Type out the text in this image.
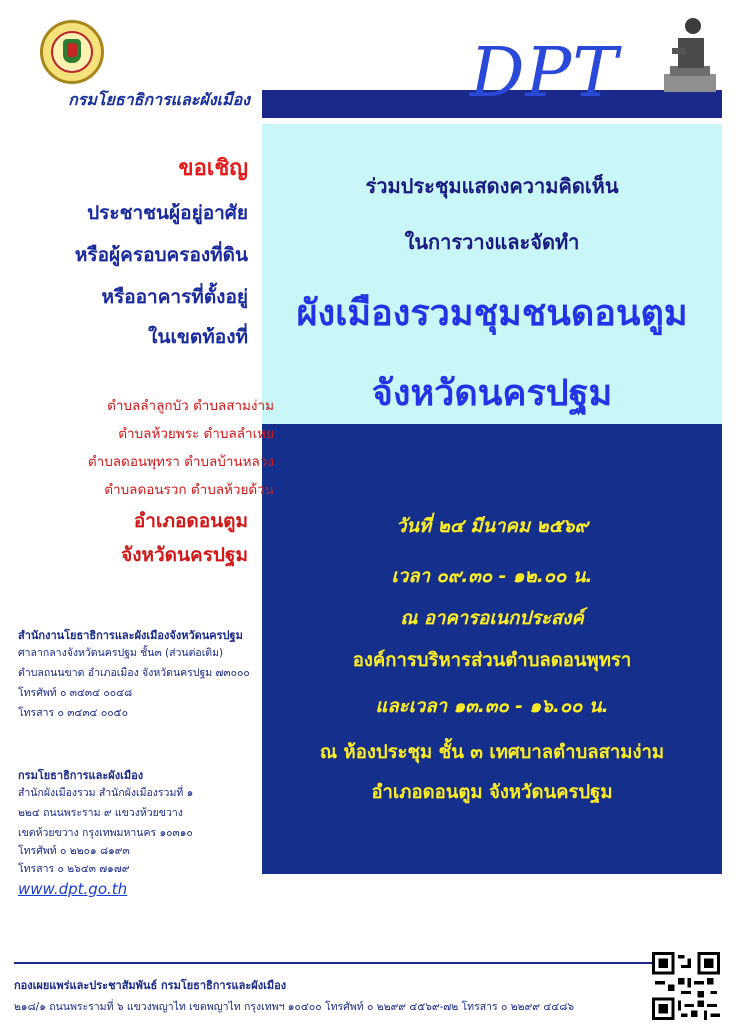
กรมโยธาธิการและผังเมือง	DPT
ขอเชิญ
ประชาชนผู้อยู่อาศัย
หรือผู้ครอบครองที่ดิน
หรืออาคารที่ตั้งอยู่
ในเขตท้องที่
ตำบลลำลูกบัว ตำบลสามง่าม
ตำบลห้วยพระ ตำบลลำเหย
ตำบลดอนพุทรา ตำบลบ้านหลวง
ตำบลดอนรวก ตำบลห้วยด้วน
อำเภอดอนตูม
จังหวัดนครปฐม
สำนักงานโยธาธิการและผังเมืองจังหวัดนครปฐม
ศาลากลางจังหวัดนครปฐม ชั้น๓ (ส่วนต่อเติม)
ตำบลถนนขาด อำเภอเมือง จังหวัดนครปฐม ๗๓๐๐๐
โทรศัพท์ ๐ ๓๔๓๔ ๐๐๔๘
โทรสาร ๐ ๓๔๓๔ ๐๐๕๐
กรมโยธาธิการและผังเมือง
สำนักผังเมืองรวม สำนักผังเมืองรวมที่ ๑
๒๒๔ ถนนพระราม ๙ แขวงห้วยขวาง
เขตห้วยขวาง กรุงเทพมหานคร ๑๐๓๑๐
โทรศัพท์ ๐ ๒๒๐๑ ๘๑๙๓
โทรสาร ๐ ๒๖๔๓ ๗๑๗๙
www.dpt.go.th
ร่วมประชุมแสดงความคิดเห็น
ในการวางและจัดทำ
ผังเมืองรวมชุมชนดอนตูม
จังหวัดนครปฐม
วันที่ ๒๔ มีนาคม ๒๕๖๙
เวลา ๐๙.๓๐ - ๑๒.๐๐ น.
ณ อาคารอเนกประสงค์
องค์การบริหารส่วนตำบลดอนพุทรา
และเวลา ๑๓.๓๐ - ๑๖.๐๐ น.
ณ ห้องประชุม ชั้น ๓ เทศบาลตำบลสามง่าม
อำเภอดอนตูม จังหวัดนครปฐม
กองเผยแพร่และประชาสัมพันธ์ กรมโยธาธิการและผังเมือง
๒๑๘/๑ ถนนพระรามที่ ๖ แขวงพญาไท เขตพญาไท กรุงเทพฯ ๑๐๔๐๐ โทรศัพท์ ๐ ๒๒๙๙ ๔๕๖๙-๗๒ โทรสาร ๐ ๒๒๙๙ ๔๔๘๖
